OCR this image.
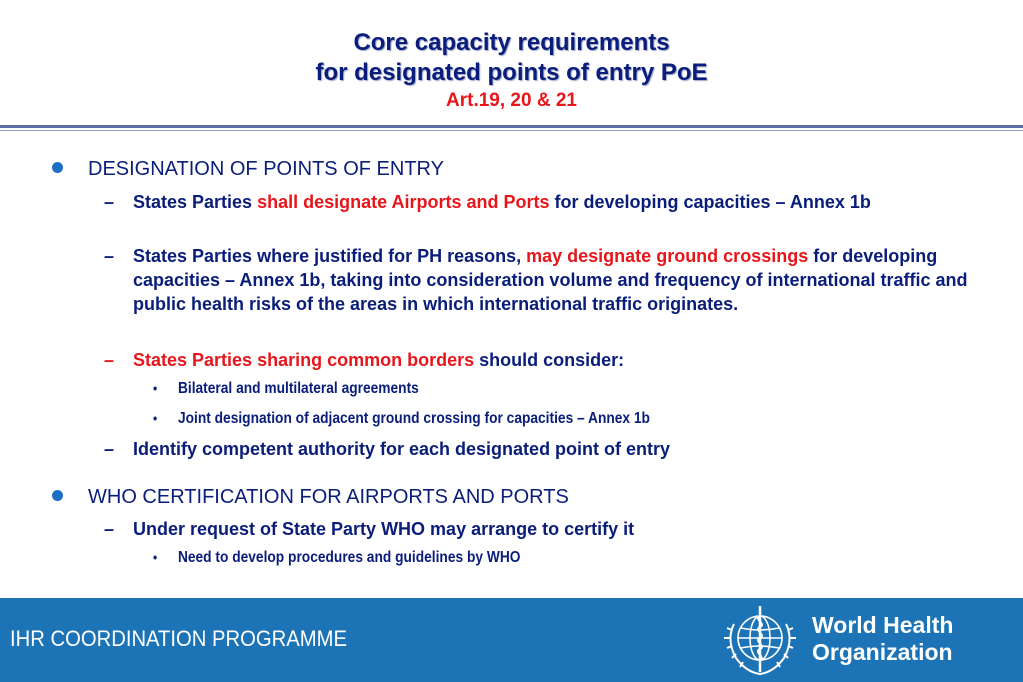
Core capacity requirements
for designated points of entry PoE
Art.19, 20 & 21
DESIGNATION OF POINTS OF ENTRY
– States Parties shall designate Airports and Ports for developing capacities – Annex 1b
– States Parties where justified for PH reasons, may designate ground crossings for developing capacities – Annex 1b, taking into consideration volume and frequency of international traffic and public health risks of the areas in which international traffic originates.
– States Parties sharing common borders should consider:
• Bilateral and multilateral agreements
• Joint designation of adjacent ground crossing for capacities – Annex 1b
– Identify competent authority for each designated point of entry
WHO CERTIFICATION FOR AIRPORTS AND PORTS
– Under request of State Party WHO may arrange to certify it
• Need to develop procedures and guidelines by WHO
IHR COORDINATION PROGRAMME
World Health
Organization
